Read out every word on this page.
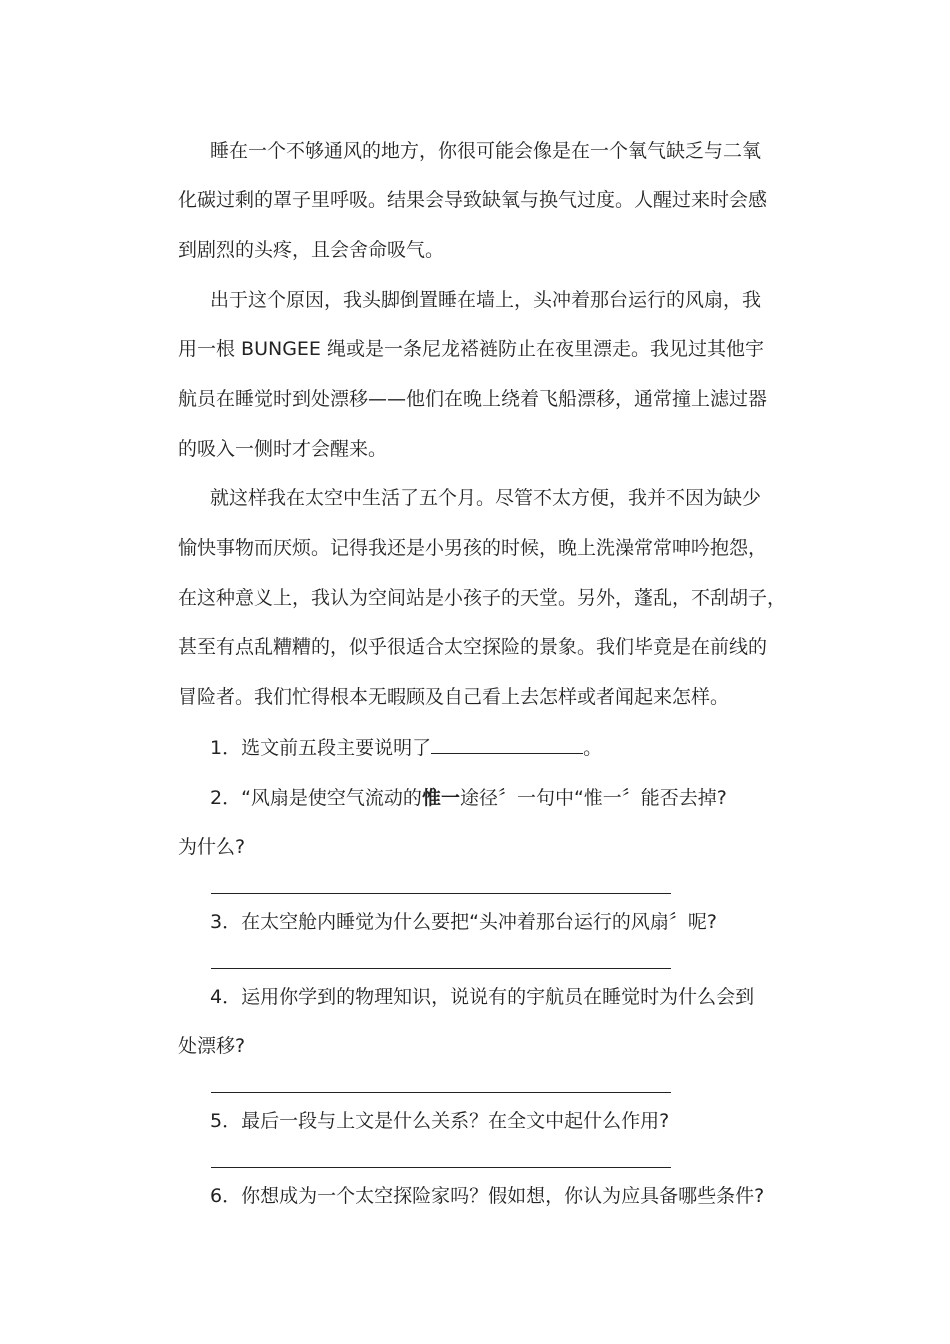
睡在一个不够通风的地方，你很可能会像是在一个氧气缺乏与二氧
化碳过剩的罩子里呼吸。结果会导致缺氧与换气过度。人醒过来时会感
到剧烈的头疼，且会舍命吸气。
出于这个原因，我头脚倒置睡在墙上，头冲着那台运行的风扇，我
用一根 BUNGEE 绳或是一条尼龙褡裢防止在夜里漂走。我见过其他宇
航员在睡觉时到处漂移——他们在晚上绕着飞船漂移，通常撞上滤过器
的吸入一侧时才会醒来。
就这样我在太空中生活了五个月。尽管不太方便，我并不因为缺少
愉快事物而厌烦。记得我还是小男孩的时候，晚上洗澡常常呻吟抱怨，
在这种意义上，我认为空间站是小孩子的天堂。另外，蓬乱，不刮胡子，
甚至有点乱糟糟的，似乎很适合太空探险的景象。我们毕竟是在前线的
冒险者。我们忙得根本无暇顾及自己看上去怎样或者闻起来怎样。
1．选文前五段主要说明了	。
2．“风扇是使空气流动的惟一途径〞一句中“惟一〞能否去掉?
为什么?
3．在太空舱内睡觉为什么要把“头冲着那台运行的风扇〞呢?
4．运用你学到的物理知识，说说有的宇航员在睡觉时为什么会到
处漂移?
5．最后一段与上文是什么关系？在全文中起什么作用?
6．你想成为一个太空探险家吗？假如想，你认为应具备哪些条件?
